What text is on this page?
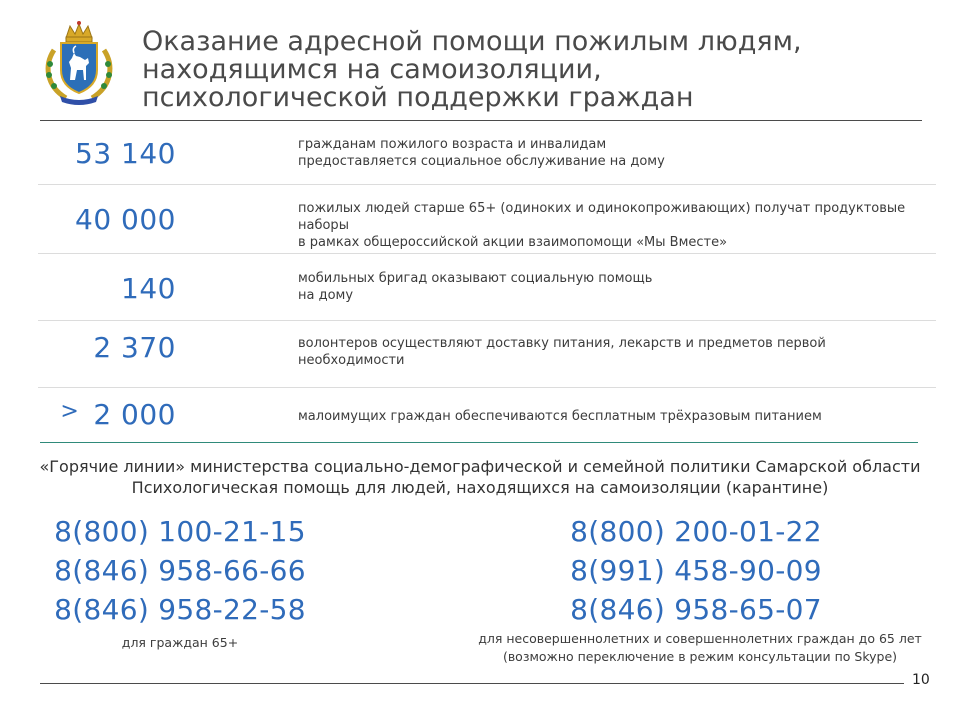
Оказание адресной помощи пожилым людям,
находящимся на самоизоляции,
психологической поддержки граждан
53 140	гражданам пожилого возраста и инвалидам
предоставляется социальное обслуживание на дому
40 000	пожилых людей старше 65+ (одиноких и одинокопроживающих) получат продуктовые наборы
в рамках общероссийской акции взаимопомощи «Мы Вместе»
140	мобильных бригад оказывают социальную помощь
на дому
2 370	волонтеров осуществляют доставку питания, лекарств и предметов первой
необходимости
> 2 000	малоимущих граждан обеспечиваются бесплатным трёхразовым питанием
«Горячие линии» министерства социально-демографической и семейной политики Самарской области
Психологическая помощь для людей, находящихся на самоизоляции (карантине)
8(800) 100-21-15
8(846) 958-66-66
8(846) 958-22-58
для граждан 65+
8(800) 200-01-22
8(991) 458-90-09
8(846) 958-65-07
для несовершеннолетних и совершеннолетних граждан до 65 лет
(возможно переключение в режим консультации по Skype)
10
